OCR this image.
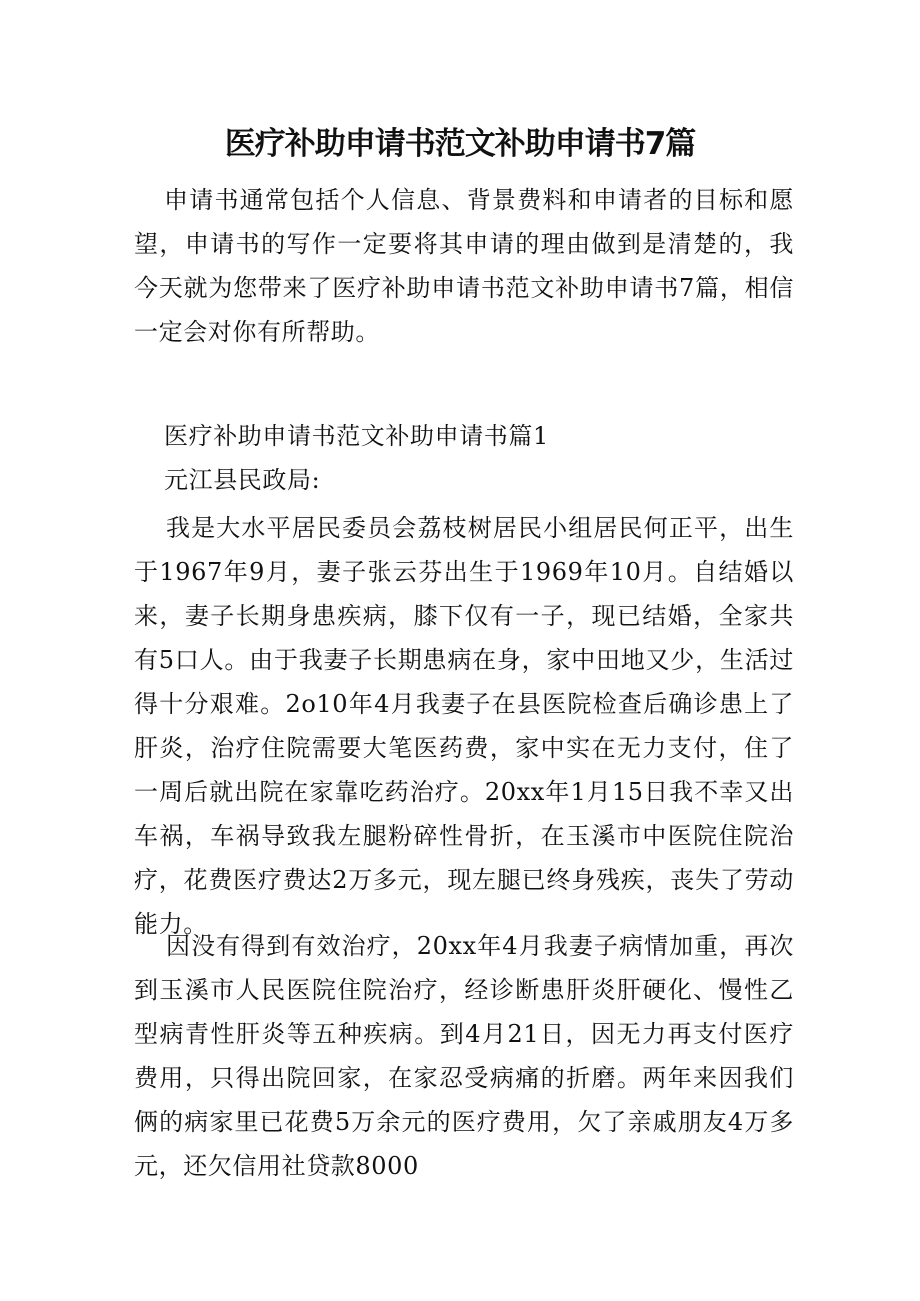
医疗补助申请书范文补助申请书7篇

申请书通常包括个人信息、背景费料和申请者的目标和愿望，申请书的写作一定要将其申请的理由做到是清楚的，我今天就为您带来了医疗补助申请书范文补助申请书7篇，相信一定会对你有所帮助。

医疗补助申请书范文补助申请书篇1

元江县民政局:

我是大水平居民委员会荔枝树居民小组居民何正平，出生于1967年9月，妻子张云芬出生于1969年10月。自结婚以来，妻子长期身患疾病，膝下仅有一子，现已结婚，全家共有5口人。由于我妻子长期患病在身，家中田地又少，生活过得十分艰难。2o10年4月我妻子在县医院检查后确诊患上了肝炎，治疗住院需要大笔医药费，家中实在无力支付，住了一周后就出院在家靠吃药治疗。20xx年1月15日我不幸又出车祸，车祸导致我左腿粉碎性骨折，在玉溪市中医院住院治疗，花费医疗费达2万多元，现左腿已终身残疾，丧失了劳动能力。

因没有得到有效治疗，20xx年4月我妻子病情加重，再次到玉溪市人民医院住院治疗，经诊断患肝炎肝硬化、慢性乙型病青性肝炎等五种疾病。到4月21日，因无力再支付医疗费用，只得出院回家，在家忍受病痛的折磨。两年来因我们俩的病家里已花费5万余元的医疗费用，欠了亲戚朋友4万多元，还欠信用社贷款8000
